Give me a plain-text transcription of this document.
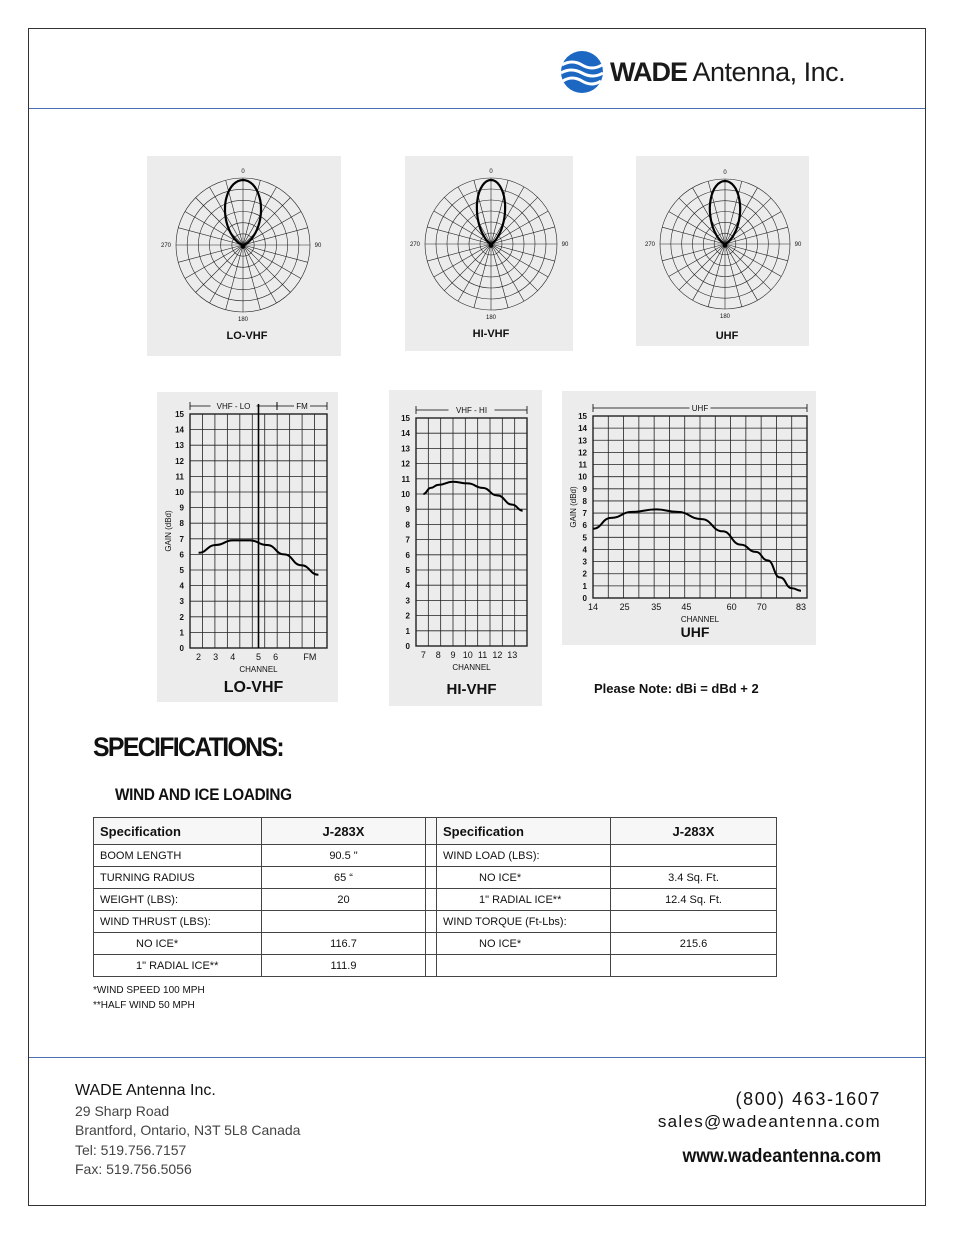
WADE Antenna, Inc.
0
90
180
270
LO-VHF
0
90
180
270
HI-VHF
0
90
180
270
UHF
0
1
2
3
4
5
6
7
8
9
10
11
12
13
14
15
2 3 4 5 6	FM
CHANNEL
GAIN (dBd)
VHF - LO	FM
LO-VHF
0
1
2
3
4
5
6
7
8
9
10
11
12
13
14
15
7 8 9 10 11 12 13
CHANNEL
VHF - HI
HI-VHF
0
1
2
3
4
5
6
7
8
9
10
11
12
13
14
15
14 25 35 45	60 70	83
CHANNEL
GAIN (dBd)
UHF
UHF
Please Note: dBi = dBd + 2
SPECIFICATIONS:
WIND AND ICE LOADING
Specification	J-283X		Specification	J-283X
BOOM LENGTH	90.5 "		WIND LOAD (LBS):	
TURNING RADIUS	65 “		NO ICE*	3.4 Sq. Ft.
WEIGHT (LBS):	20		1" RADIAL ICE**	12.4 Sq. Ft.
WIND THRUST (LBS):			WIND TORQUE (Ft-Lbs):	
NO ICE*	116.7		NO ICE*	215.6
1" RADIAL ICE**	111.9			
*WIND SPEED 100 MPH
**HALF WIND 50 MPH
WADE Antenna Inc.
29 Sharp Road
Brantford, Ontario, N3T 5L8 Canada
Tel: 519.756.7157
Fax: 519.756.5056
(800) 463-1607
sales@wadeantenna.com
www.wadeantenna.com
